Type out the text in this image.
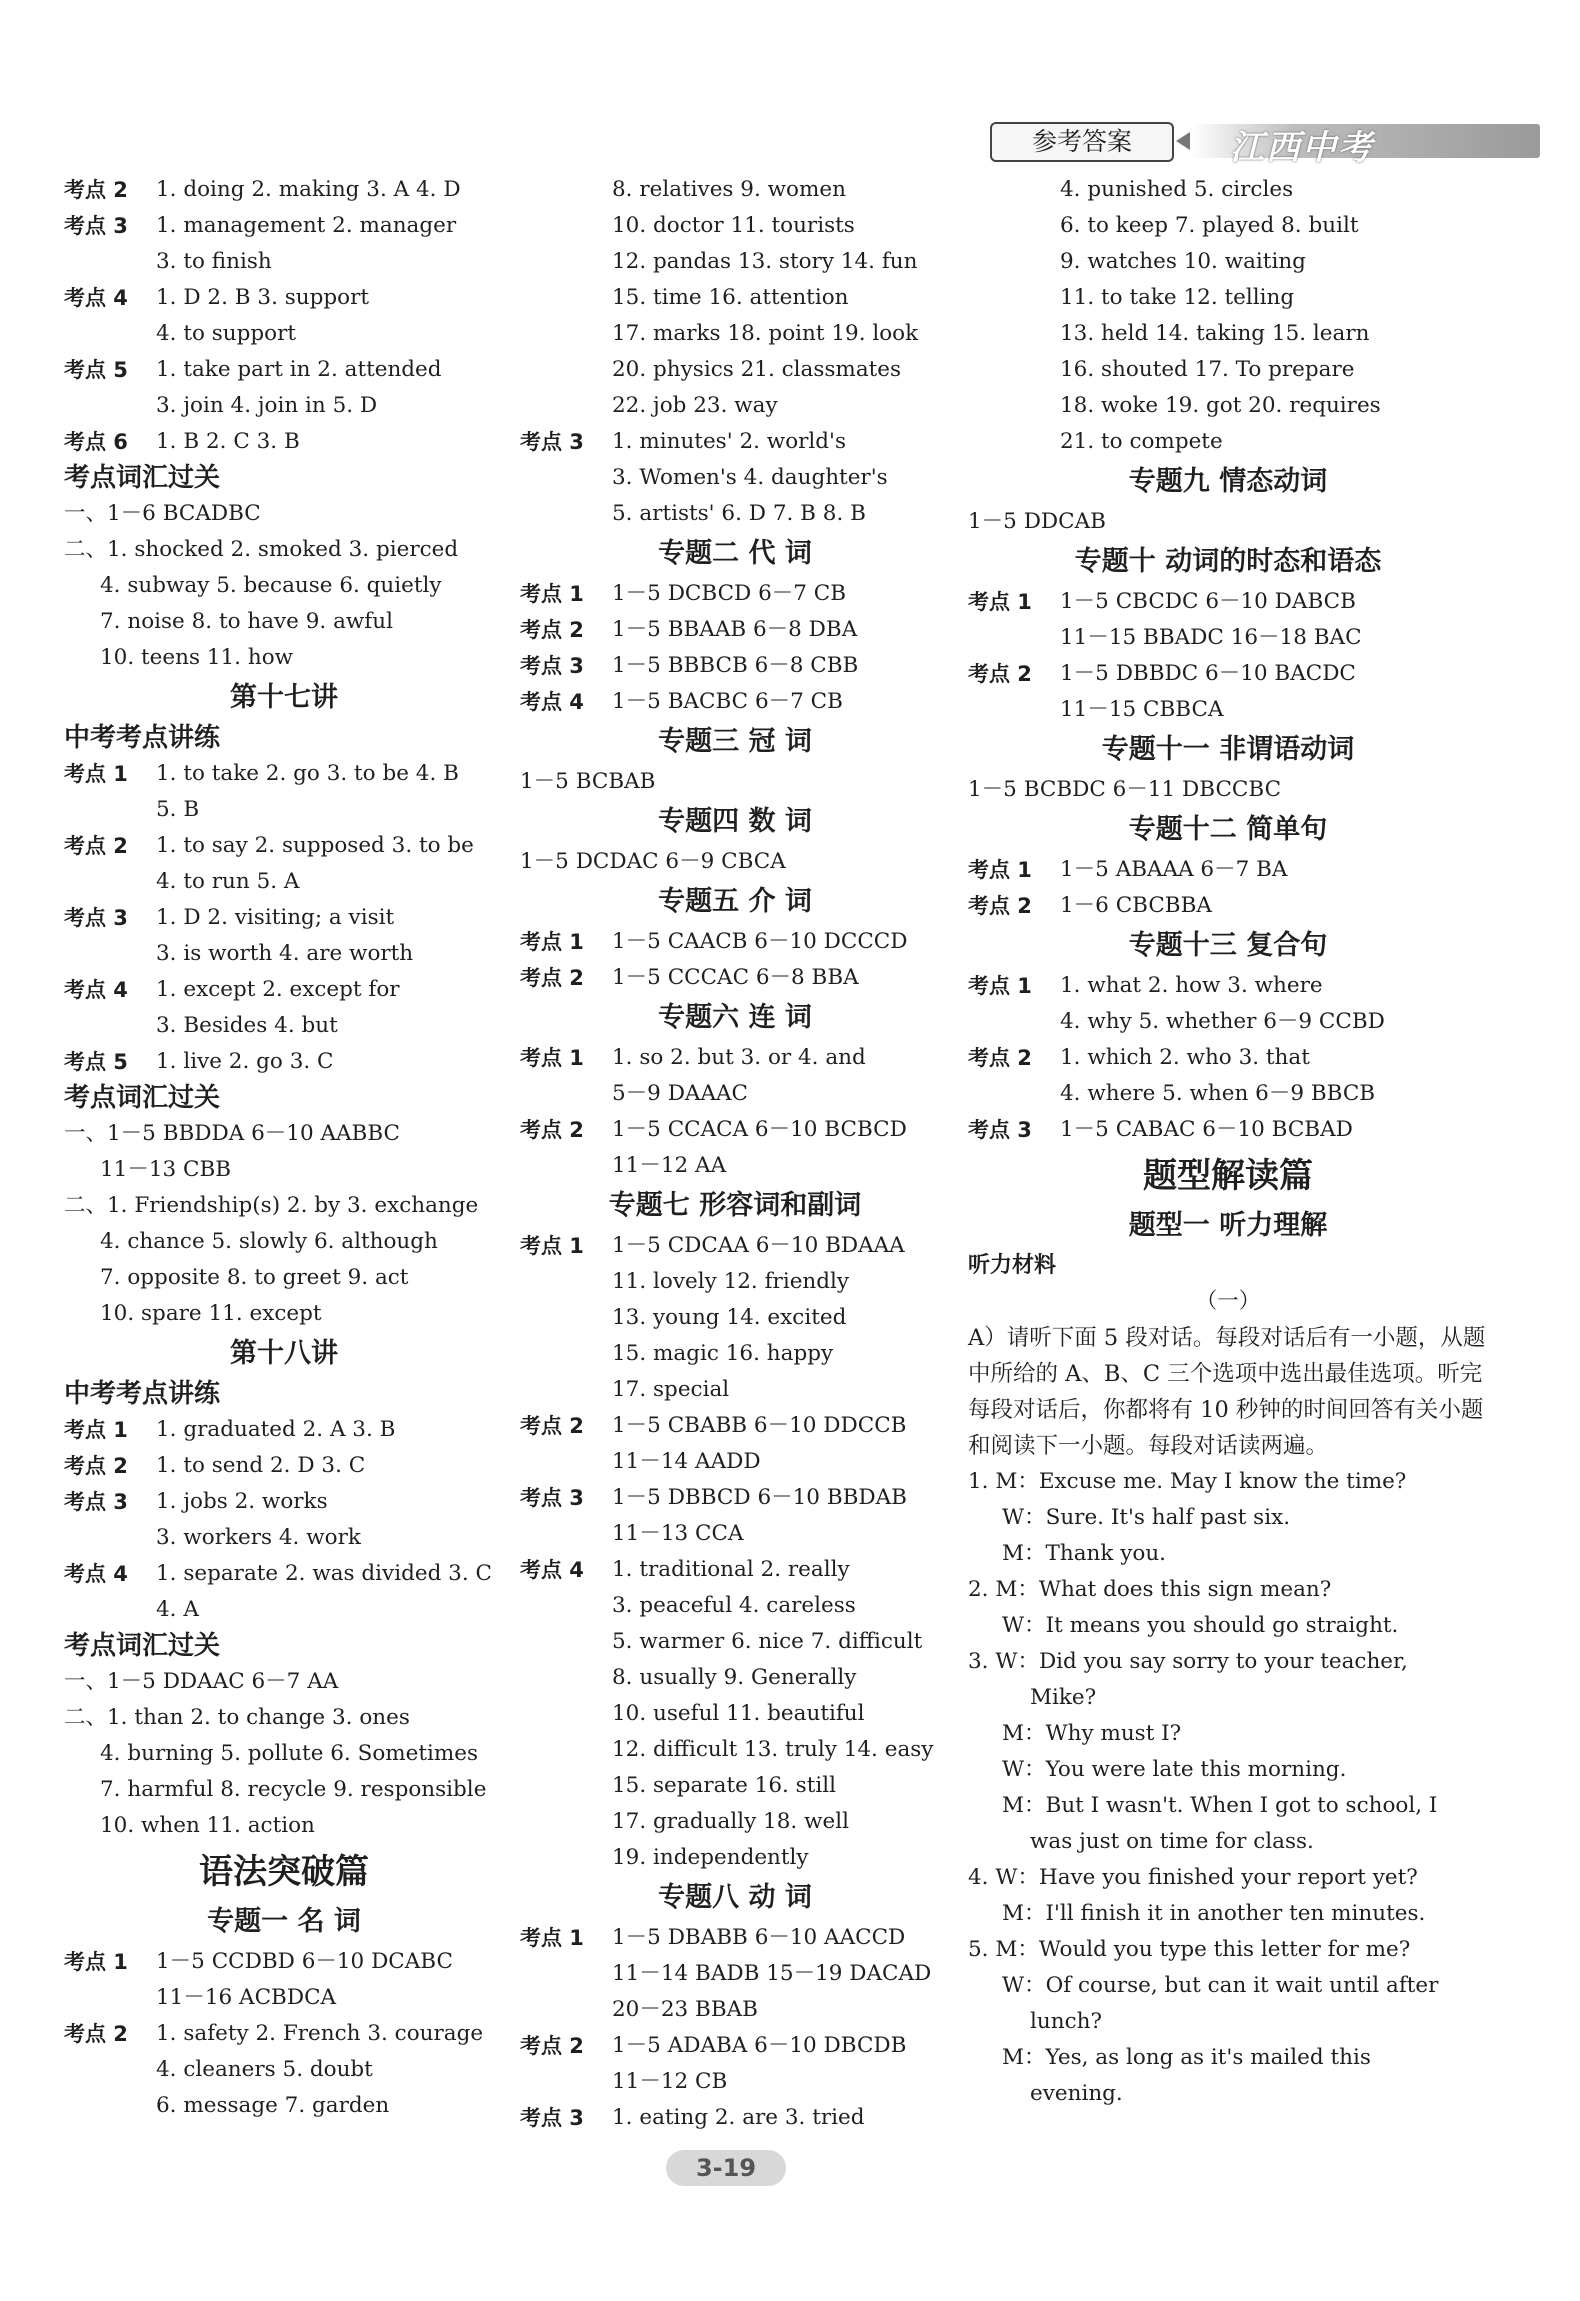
参考答案	江西中考
考点 2 1. doing 2. making 3. A 4. D
考点 3 1. management 2. manager
3. to finish
考点 4 1. D 2. B 3. support
4. to support
考点 5 1. take part in 2. attended
3. join 4. join in 5. D
考点 6 1. B 2. C 3. B
考点词汇过关
一、1－6 BCADBC
二、1. shocked 2. smoked 3. pierced
4. subway 5. because 6. quietly
7. noise 8. to have 9. awful
10. teens 11. how
第十七讲
中考考点讲练
考点 1 1. to take 2. go 3. to be 4. B
5. B
考点 2 1. to say 2. supposed 3. to be
4. to run 5. A
考点 3 1. D 2. visiting; a visit
3. is worth 4. are worth
考点 4 1. except 2. except for
3. Besides 4. but
考点 5 1. live 2. go 3. C
考点词汇过关
一、1－5 BBDDA 6－10 AABBC
11－13 CBB
二、1. Friendship(s) 2. by 3. exchange
4. chance 5. slowly 6. although
7. opposite 8. to greet 9. act
10. spare 11. except
第十八讲
中考考点讲练
考点 1 1. graduated 2. A 3. B
考点 2 1. to send 2. D 3. C
考点 3 1. jobs 2. works
3. workers 4. work
考点 4 1. separate 2. was divided 3. C
4. A
考点词汇过关
一、1－5 DDAAC 6－7 AA
二、1. than 2. to change 3. ones
4. burning 5. pollute 6. Sometimes
7. harmful 8. recycle 9. responsible
10. when 11. action
语法突破篇
专题一 名 词
考点 1 1－5 CCDBD 6－10 DCABC
11－16 ACBDCA
考点 2 1. safety 2. French 3. courage
4. cleaners 5. doubt
6. message 7. garden
8. relatives 9. women
10. doctor 11. tourists
12. pandas 13. story 14. fun
15. time 16. attention
17. marks 18. point 19. look
20. physics 21. classmates
22. job 23. way
考点 3 1. minutes' 2. world's
3. Women's 4. daughter's
5. artists' 6. D 7. B 8. B
专题二 代 词
考点 1 1－5 DCBCD 6－7 CB
考点 2 1－5 BBAAB 6－8 DBA
考点 3 1－5 BBBCB 6－8 CBB
考点 4 1－5 BACBC 6－7 CB
专题三 冠 词
1－5 BCBAB
专题四 数 词
1－5 DCDAC 6－9 CBCA
专题五 介 词
考点 1 1－5 CAACB 6－10 DCCCD
考点 2 1－5 CCCAC 6－8 BBA
专题六 连 词
考点 1 1. so 2. but 3. or 4. and
5－9 DAAAC
考点 2 1－5 CCACA 6－10 BCBCD
11－12 AA
专题七 形容词和副词
考点 1 1－5 CDCAA 6－10 BDAAA
11. lovely 12. friendly
13. young 14. excited
15. magic 16. happy
17. special
考点 2 1－5 CBABB 6－10 DDCCB
11－14 AADD
考点 3 1－5 DBBCD 6－10 BBDAB
11－13 CCA
考点 4 1. traditional 2. really
3. peaceful 4. careless
5. warmer 6. nice 7. difficult
8. usually 9. Generally
10. useful 11. beautiful
12. difficult 13. truly 14. easy
15. separate 16. still
17. gradually 18. well
19. independently
专题八 动 词
考点 1 1－5 DBABB 6－10 AACCD
11－14 BADB 15－19 DACAD
20－23 BBAB
考点 2 1－5 ADABA 6－10 DBCDB
11－12 CB
考点 3 1. eating 2. are 3. tried
4. punished 5. circles
6. to keep 7. played 8. built
9. watches 10. waiting
11. to take 12. telling
13. held 14. taking 15. learn
16. shouted 17. To prepare
18. woke 19. got 20. requires
21. to compete
专题九 情态动词
1－5 DDCAB
专题十 动词的时态和语态
考点 1 1－5 CBCDC 6－10 DABCB
11－15 BBADC 16－18 BAC
考点 2 1－5 DBBDC 6－10 BACDC
11－15 CBBCA
专题十一 非谓语动词
1－5 BCBDC 6－11 DBCCBC
专题十二 简单句
考点 1 1－5 ABAAA 6－7 BA
考点 2 1－6 CBCBBA
专题十三 复合句
考点 1 1. what 2. how 3. where
4. why 5. whether 6－9 CCBD
考点 2 1. which 2. who 3. that
4. where 5. when 6－9 BBCB
考点 3 1－5 CABAC 6－10 BCBAD
题型解读篇
题型一 听力理解
听力材料
（一）
A）请听下面 5 段对话。每段对话后有一小题，从题中所给的 A、B、C 三个选项中选出最佳选项。听完每段对话后，你都将有 10 秒钟的时间回答有关小题和阅读下一小题。每段对话读两遍。
1. M：Excuse me. May I know the time?
W：Sure. It's half past six.
M：Thank you.
2. M：What does this sign mean?
W：It means you should go straight.
3. W：Did you say sorry to your teacher,
Mike?
M：Why must I?
W：You were late this morning.
M：But I wasn't. When I got to school, I
was just on time for class.
4. W：Have you finished your report yet?
M：I'll finish it in another ten minutes.
5. M：Would you type this letter for me?
W：Of course, but can it wait until after
lunch?
M：Yes, as long as it's mailed this
evening.
3-19
